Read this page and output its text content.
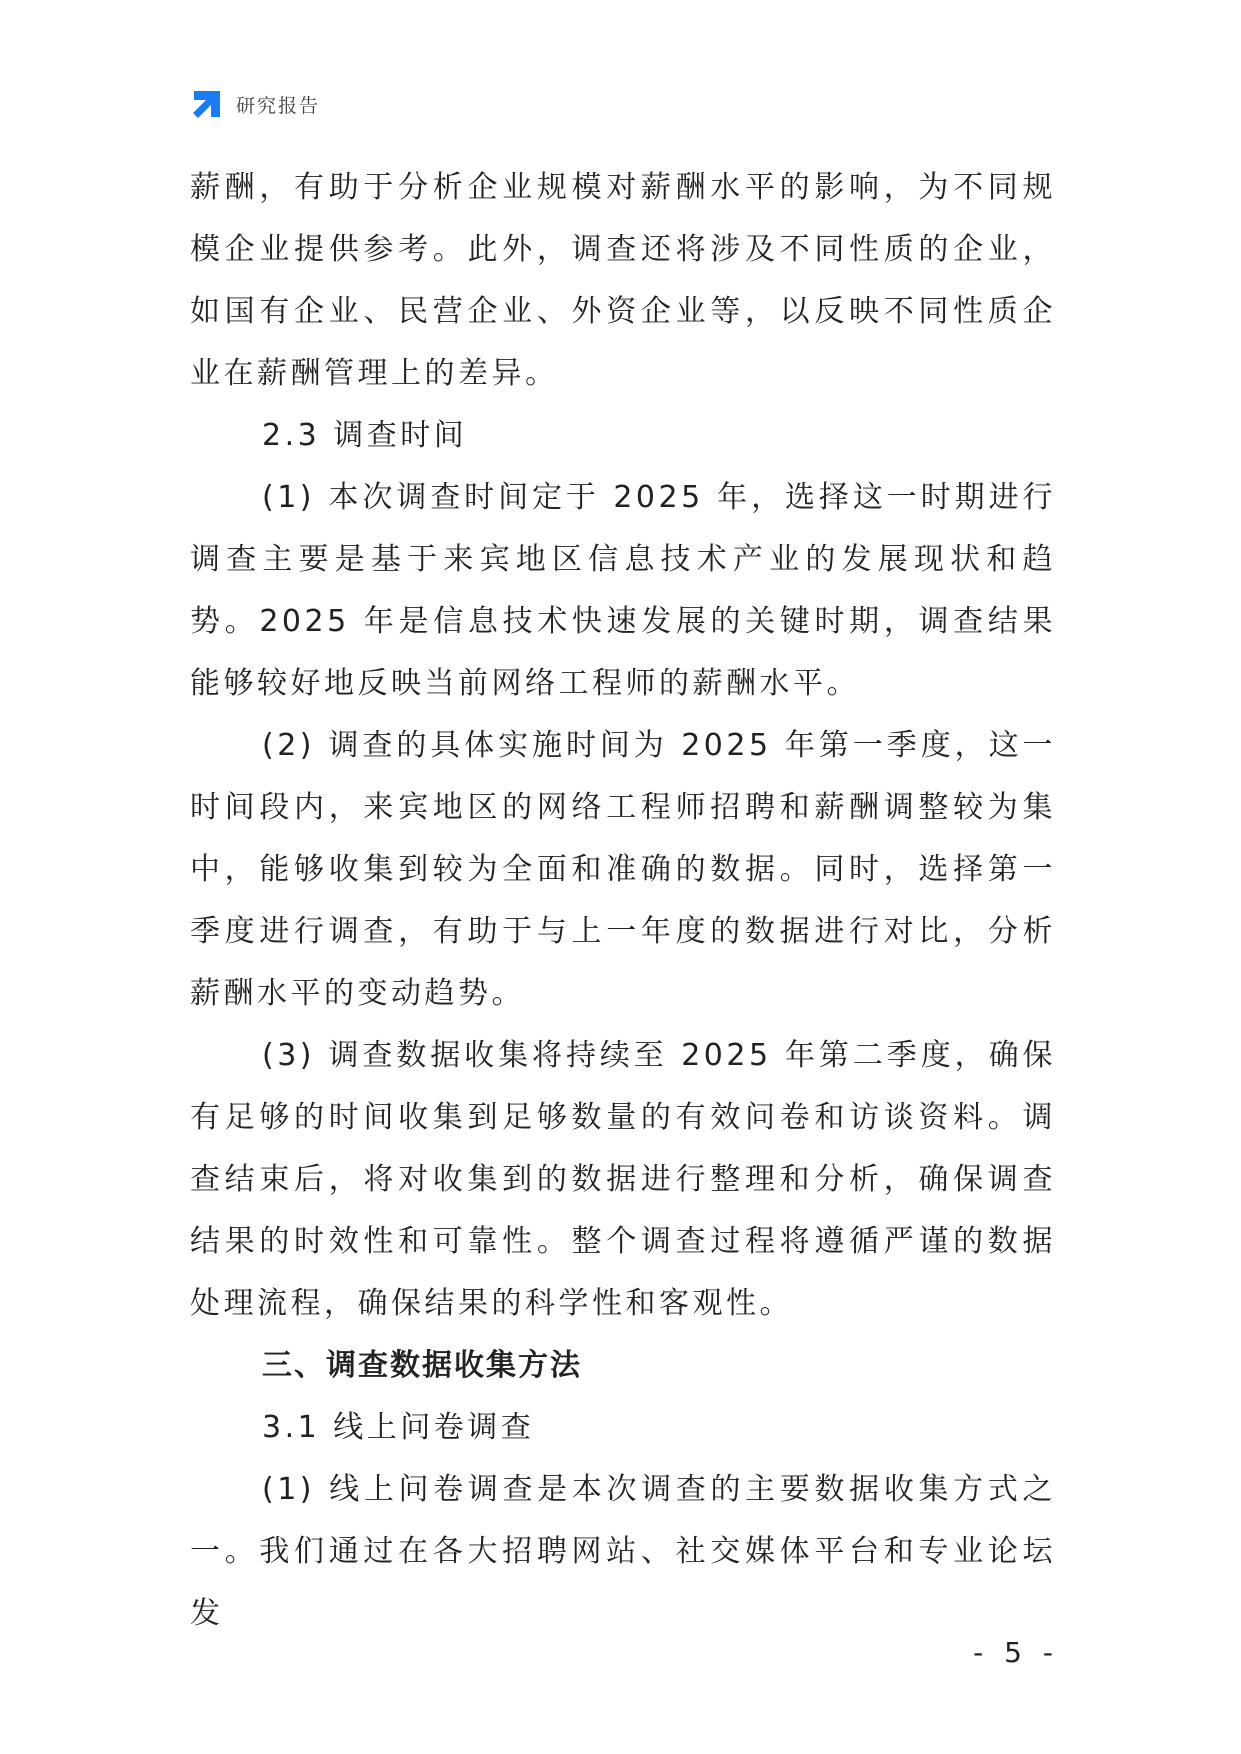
研究报告

薪酬，有助于分析企业规模对薪酬水平的影响，为不同规模企业提供参考。此外，调查还将涉及不同性质的企业，如国有企业、民营企业、外资企业等，以反映不同性质企业在薪酬管理上的差异。

2.3 调查时间

(1) 本次调查时间定于 2025 年，选择这一时期进行调查主要是基于来宾地区信息技术产业的发展现状和趋势。2025 年是信息技术快速发展的关键时期，调查结果能够较好地反映当前网络工程师的薪酬水平。

(2) 调查的具体实施时间为 2025 年第一季度，这一时间段内，来宾地区的网络工程师招聘和薪酬调整较为集中，能够收集到较为全面和准确的数据。同时，选择第一季度进行调查，有助于与上一年度的数据进行对比，分析薪酬水平的变动趋势。

(3) 调查数据收集将持续至 2025 年第二季度，确保有足够的时间收集到足够数量的有效问卷和访谈资料。调查结束后，将对收集到的数据进行整理和分析，确保调查结果的时效性和可靠性。整个调查过程将遵循严谨的数据处理流程，确保结果的科学性和客观性。

三、调查数据收集方法

3.1 线上问卷调查

(1) 线上问卷调查是本次调查的主要数据收集方式之一。我们通过在各大招聘网站、社交媒体平台和专业论坛发

- 5 -
